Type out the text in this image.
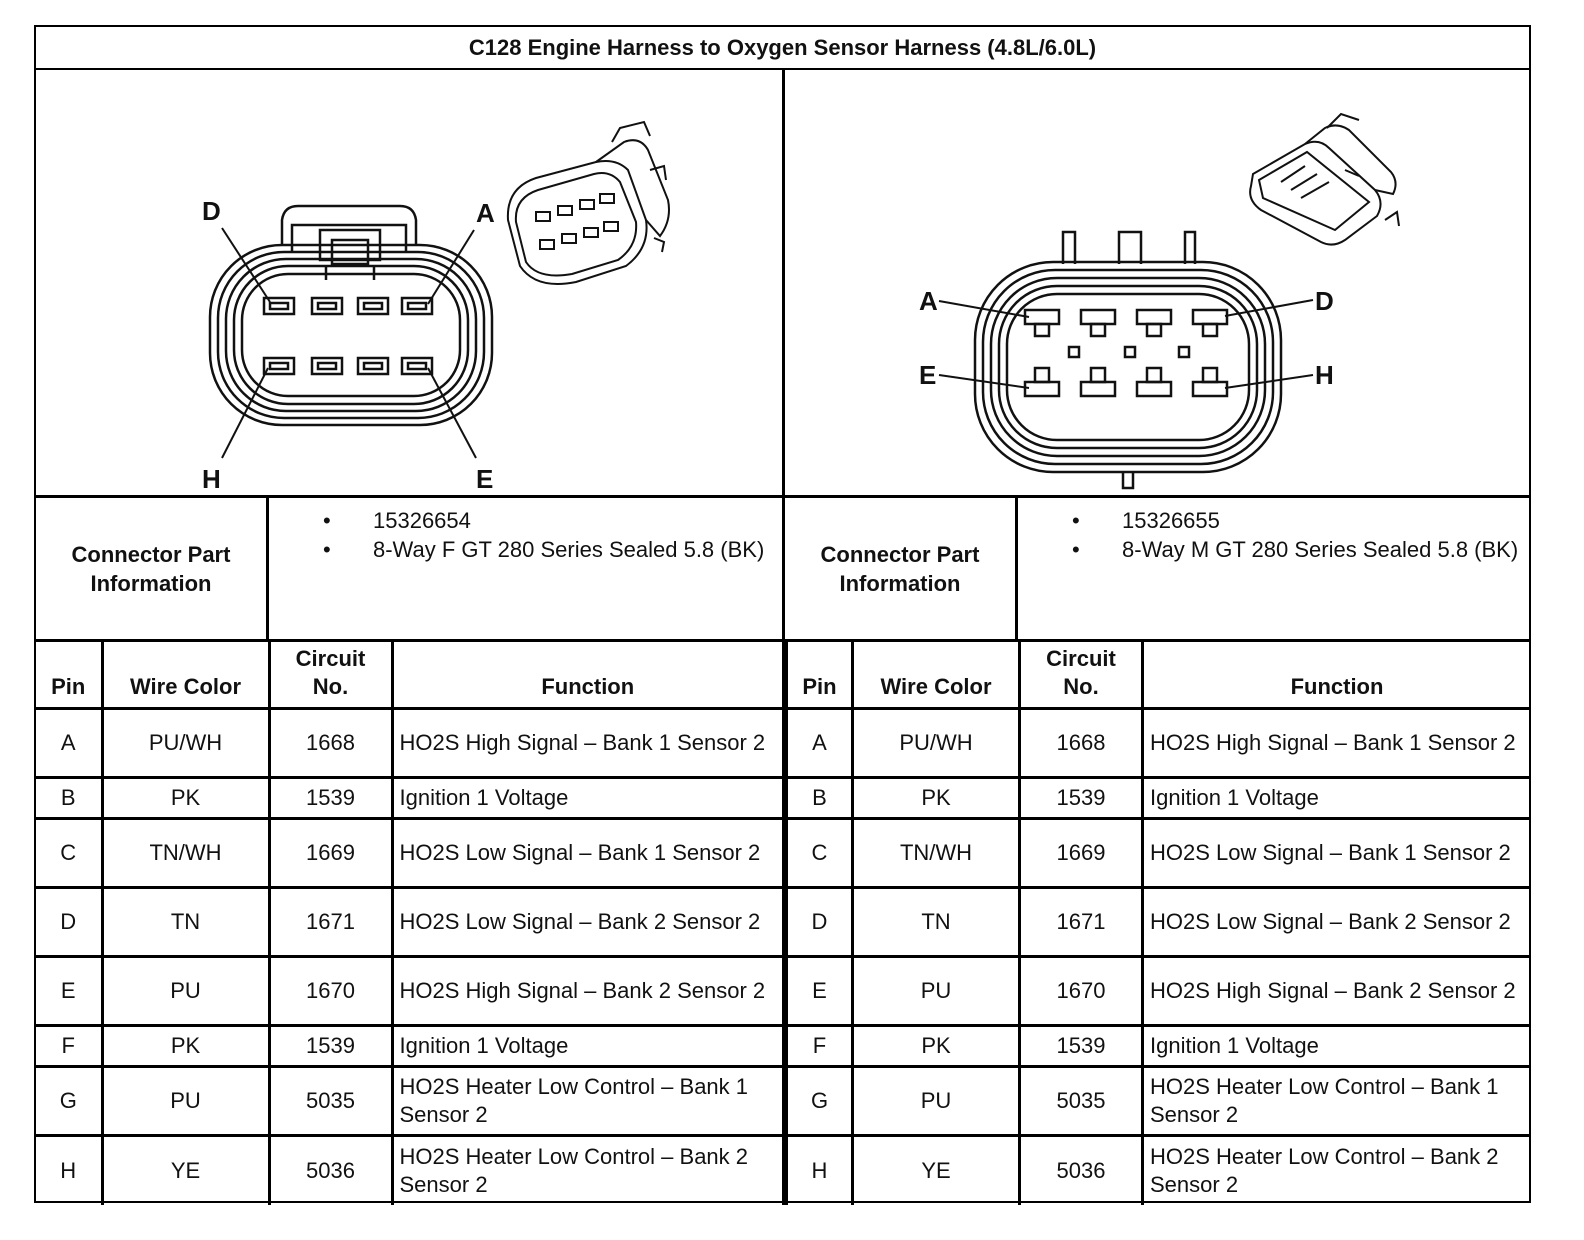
C128 Engine Harness to Oxygen Sensor Harness (4.8L/6.0L)
D	A
H	E
A	D
E	H
Connector Part Information
• 15326654
• 8-Way F GT 280 Series Sealed 5.8 (BK)	Connector Part Information
• 15326655
• 8-Way M GT 280 Series Sealed 5.8 (BK)
Pin	Wire Color	Circuit No.	Function
A	PU/WH	1668	HO2S High Signal – Bank 1 Sensor 2
B	PK	1539	Ignition 1 Voltage
C	TN/WH	1669	HO2S Low Signal – Bank 1 Sensor 2
D	TN	1671	HO2S Low Signal – Bank 2 Sensor 2
E	PU	1670	HO2S High Signal – Bank 2 Sensor 2
F	PK	1539	Ignition 1 Voltage
G	PU	5035	HO2S Heater Low Control – Bank 1 Sensor 2
H	YE	5036	HO2S Heater Low Control – Bank 2 Sensor 2
Pin	Wire Color	Circuit No.	Function
A	PU/WH	1668	HO2S High Signal – Bank 1 Sensor 2
B	PK	1539	Ignition 1 Voltage
C	TN/WH	1669	HO2S Low Signal – Bank 1 Sensor 2
D	TN	1671	HO2S Low Signal – Bank 2 Sensor 2
E	PU	1670	HO2S High Signal – Bank 2 Sensor 2
F	PK	1539	Ignition 1 Voltage
G	PU	5035	HO2S Heater Low Control – Bank 1 Sensor 2
H	YE	5036	HO2S Heater Low Control – Bank 2 Sensor 2
